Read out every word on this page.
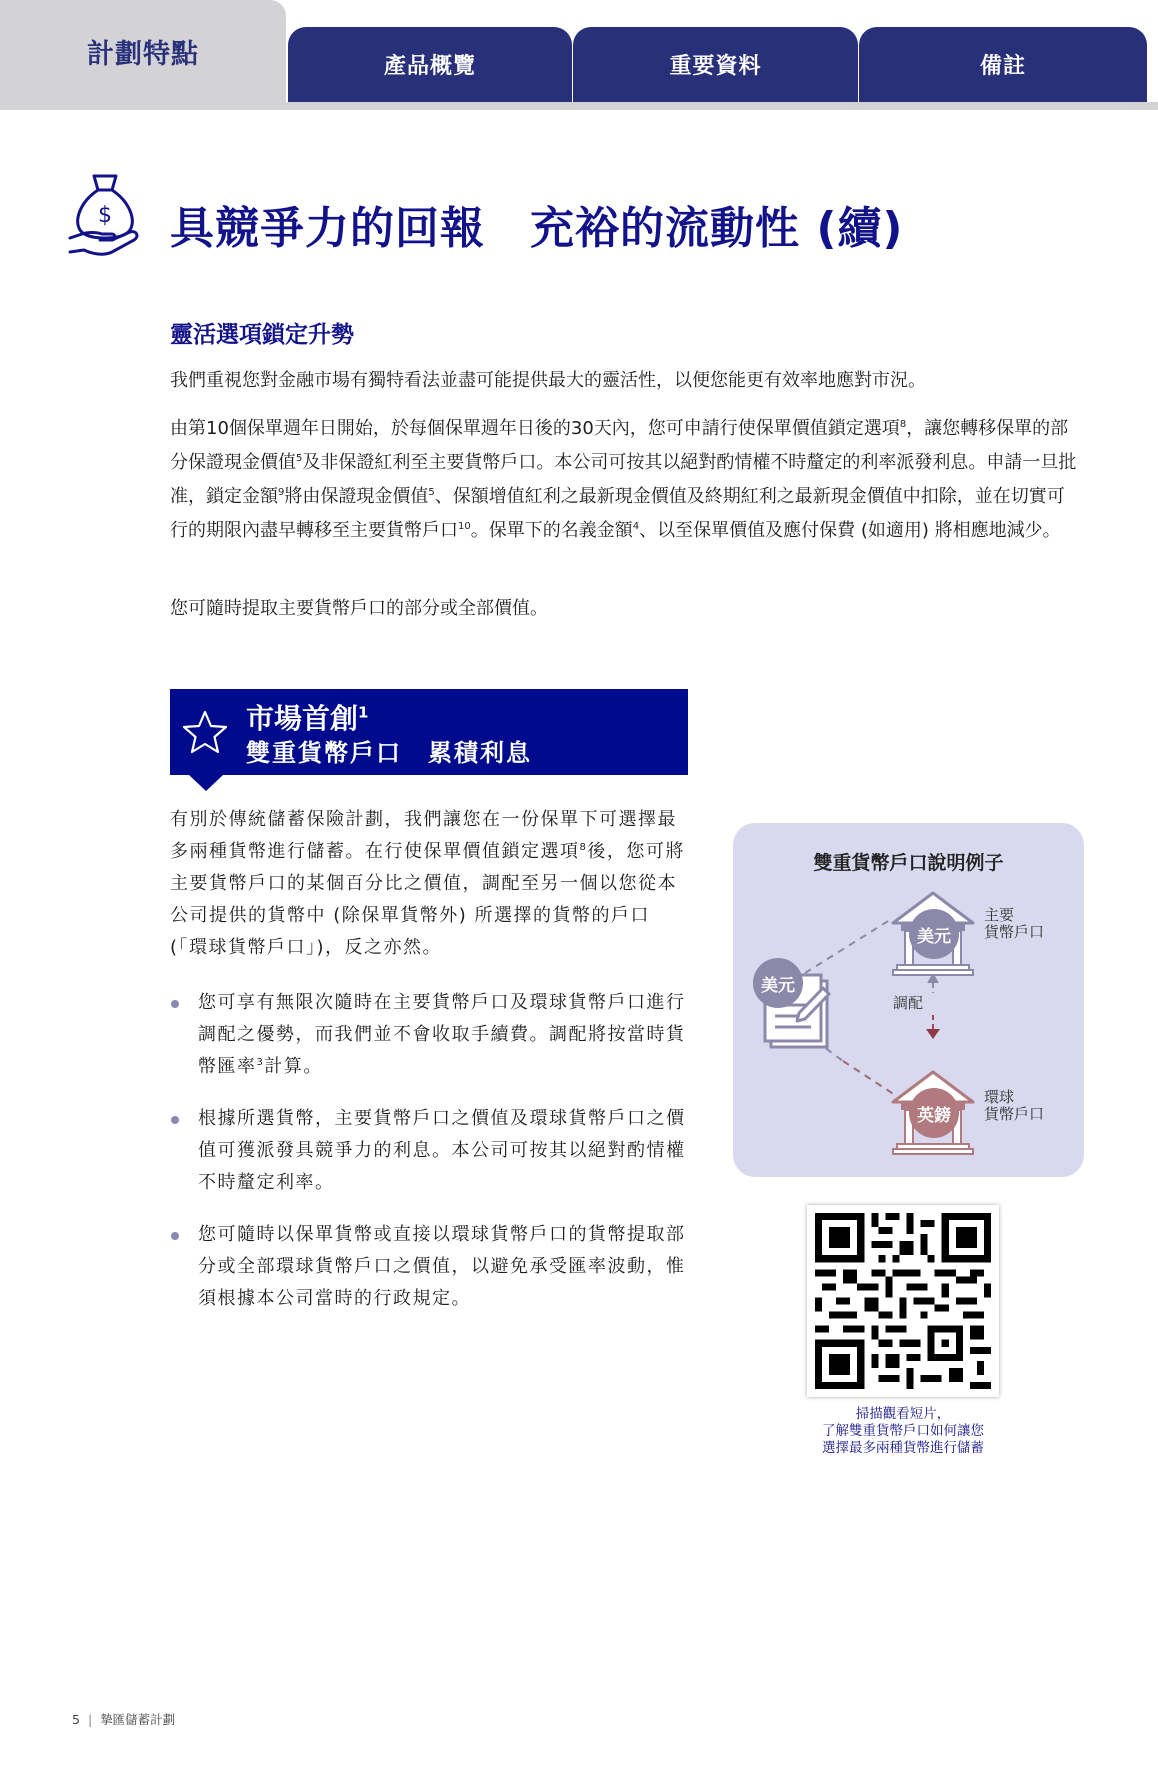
計劃特點	產品概覽	重要資料	備註
$ 具競爭力的回報　充裕的流動性 (續)
靈活選項鎖定升勢
我們重視您對金融市場有獨特看法並盡可能提供最大的靈活性，以便您能更有效率地應對市況。
由第10個保單週年日開始，於每個保單週年日後的30天內，您可申請行使保單價值鎖定選項$^8$，讓您轉移保單的部分保證現金價值$^5$及非保證紅利至主要貨幣戶口。本公司可按其以絕對酌情權不時釐定的利率派發利息。申請一旦批准，鎖定金額$^9$將由保證現金價值$^5$、保額增值紅利之最新現金價值及終期紅利之最新現金價值中扣除，並在切實可行的期限內盡早轉移至主要貨幣戶口$^{10}$。保單下的名義金額$^4$、以至保單價值及應付保費 (如適用) 將相應地減少。
您可隨時提取主要貨幣戶口的部分或全部價值。
市場首創$^1$
雙重貨幣戶口　累積利息
有別於傳統儲蓄保險計劃，我們讓您在一份保單下可選擇最多兩種貨幣進行儲蓄。在行使保單價值鎖定選項$^8$後，您可將主要貨幣戶口的某個百分比之價值，調配至另一個以您從本公司提供的貨幣中 (除保單貨幣外) 所選擇的貨幣的戶口 (「環球貨幣戶口」)，反之亦然。
您可享有無限次隨時在主要貨幣戶口及環球貨幣戶口進行調配之優勢，而我們並不會收取手續費。調配將按當時貨幣匯率$^3$計算。
根據所選貨幣，主要貨幣戶口之價值及環球貨幣戶口之價值可獲派發具競爭力的利息。本公司可按其以絕對酌情權不時釐定利率。
您可隨時以保單貨幣或直接以環球貨幣戶口的貨幣提取部分或全部環球貨幣戶口之價值，以避免承受匯率波動，惟須根據本公司當時的行政規定。
雙重貨幣戶口說明例子
美元
美元
英鎊
主要
貨幣戶口
調配
環球
貨幣戶口
掃描觀看短片，
了解雙重貨幣戶口如何讓您
選擇最多兩種貨幣進行儲蓄
5 | 摯匯儲蓄計劃
